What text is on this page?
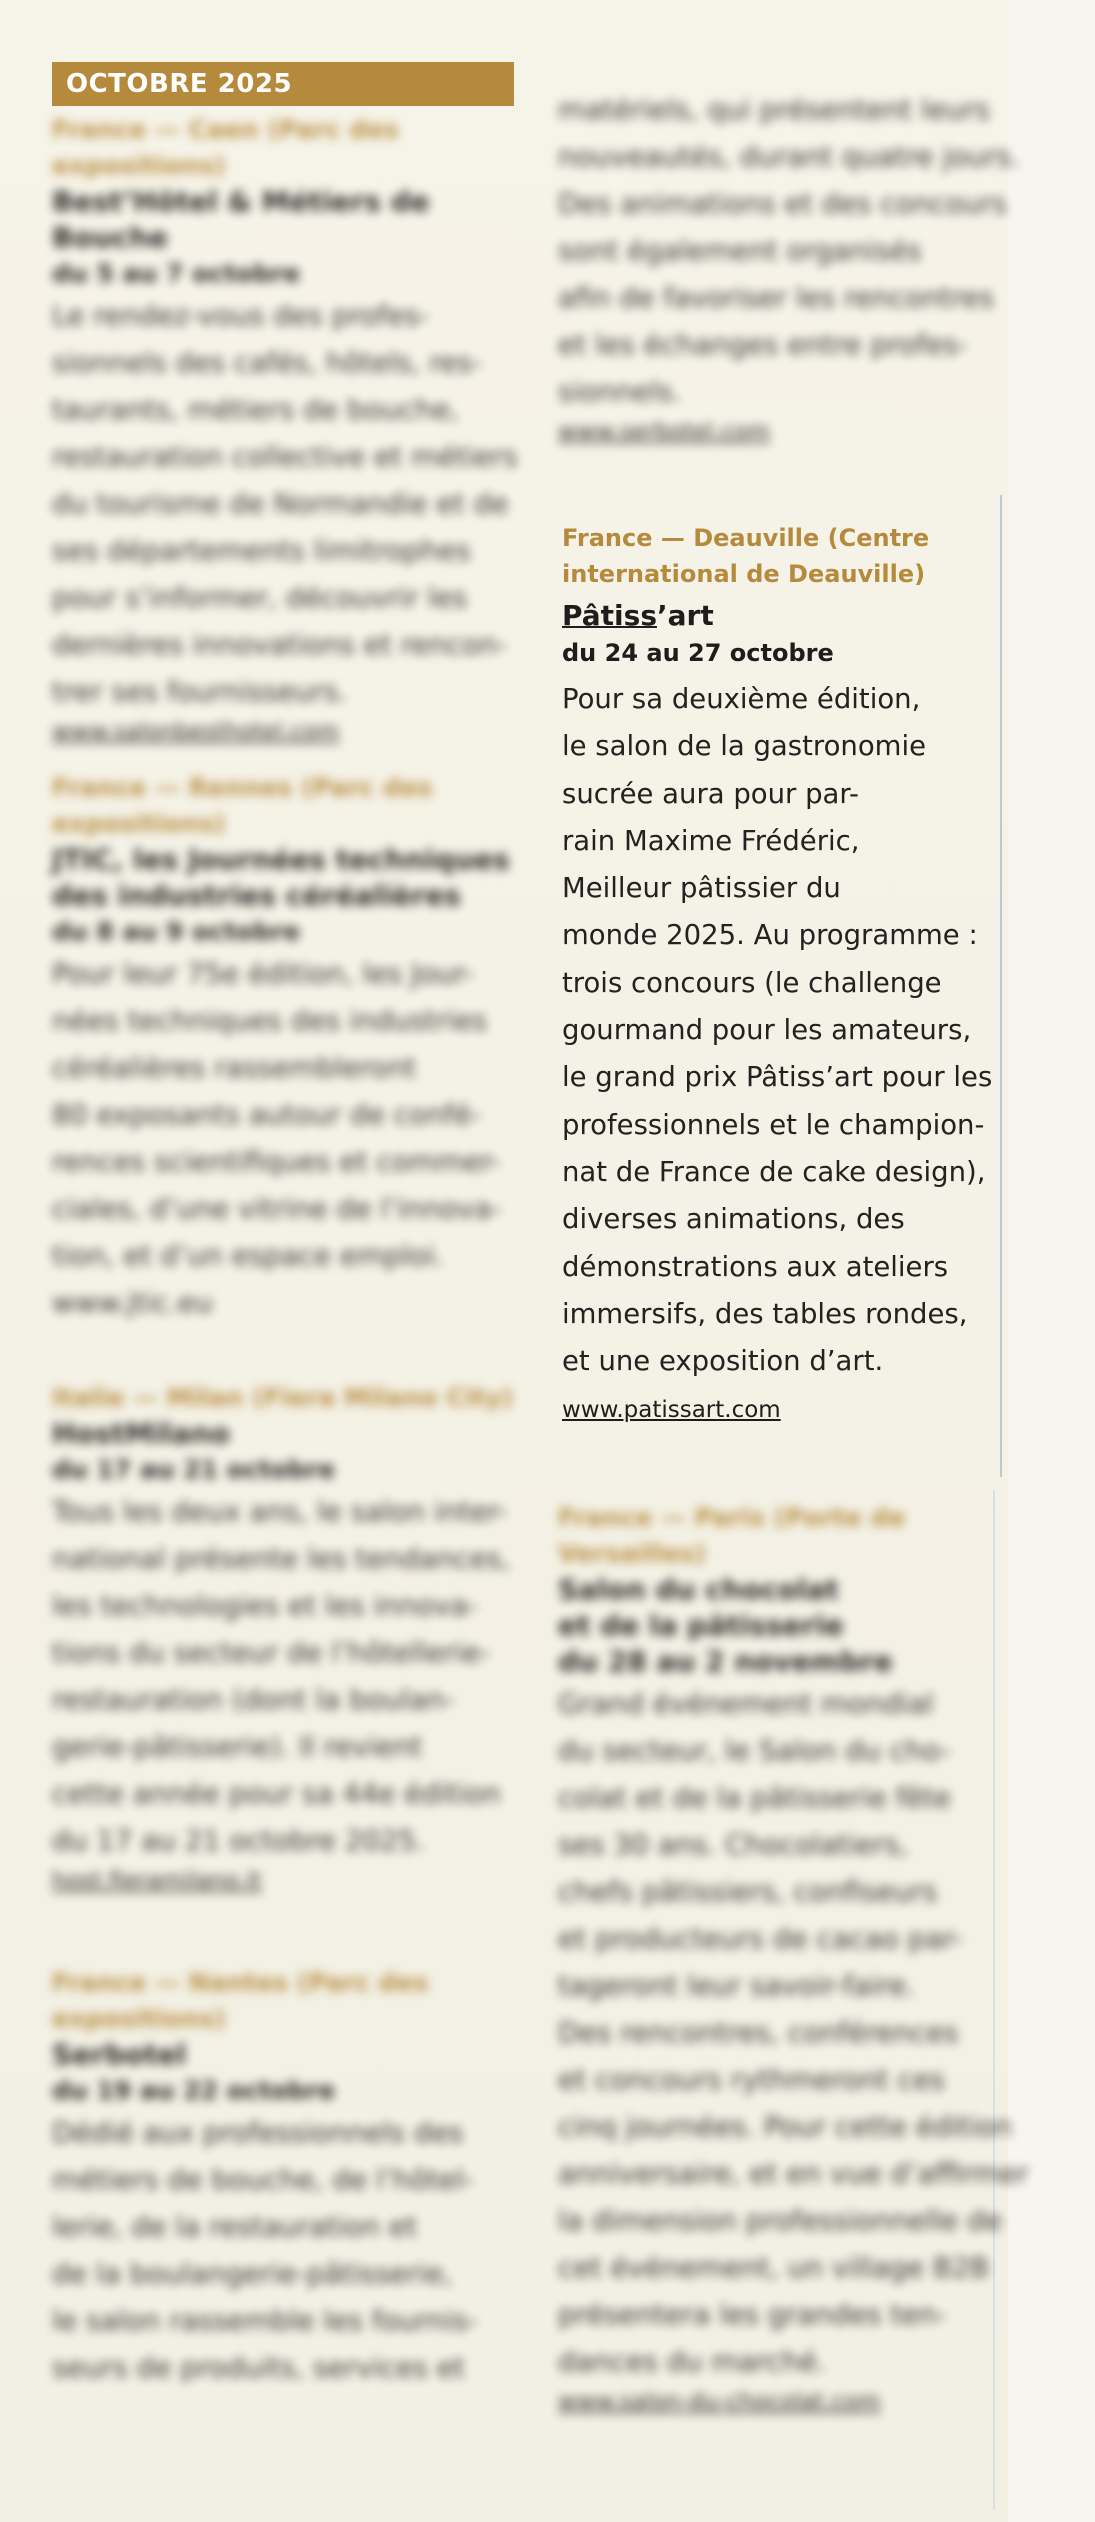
OCTOBRE 2025
France — Caen (Parc des expositions)
Best’Hôtel & Métiers de Bouche
du 5 au 7 octobre
Le rendez-vous des profes-
sionnels des cafés, hôtels, res-
taurants, métiers de bouche,
restauration collective et métiers
du tourisme de Normandie et de
ses départements limitrophes
pour s’informer, découvrir les
dernières innovations et rencon-
trer ses fournisseurs.
www.salonbesthotel.com
France — Rennes (Parc des expositions)
JTIC, les Journées techniques des industries céréalières
du 8 au 9 octobre
Pour leur 75e édition, les Jour-
nées techniques des industries
céréalières rassembleront
80 exposants autour de confé-
rences scientifiques et commer-
ciales, d’une vitrine de l’innova-
tion, et d’un espace emploi.
www.jtic.eu
Italie — Milan (Fiera Milano City)
HostMilano
du 17 au 21 octobre
Tous les deux ans, le salon inter-
national présente les tendances,
les technologies et les innova-
tions du secteur de l’hôtellerie-
restauration (dont la boulan-
gerie-pâtisserie). Il revient
cette année pour sa 44e édition
du 17 au 21 octobre 2025.
host.fieramilano.it
France — Nantes (Parc des expositions)
Serbotel
du 19 au 22 octobre
Dédié aux professionnels des
métiers de bouche, de l’hôtel-
lerie, de la restauration et
de la boulangerie-pâtisserie,
le salon rassemble les fournis-
seurs de produits, services et
matériels, qui présentent leurs
nouveautés, durant quatre jours.
Des animations et des concours
sont également organisés
afin de favoriser les rencontres
et les échanges entre profes-
sionnels.
www.serbotel.com
France — Deauville (Centre
international de Deauville)
Pâtiss’art
du 24 au 27 octobre
Pour sa deuxième édition,
le salon de la gastronomie
sucrée aura pour par-
rain Maxime Frédéric,
Meilleur pâtissier du
monde 2025. Au programme :
trois concours (le challenge
gourmand pour les amateurs,
le grand prix Pâtiss’art pour les
professionnels et le champion-
nat de France de cake design),
diverses animations, des
démonstrations aux ateliers
immersifs, des tables rondes,
et une exposition d’art.
www.patissart.com
France — Paris (Porte de Versailles)
Salon du chocolat
et de la pâtisserie
du 28 au 2 novembre
Grand événement mondial
du secteur, le Salon du cho-
colat et de la pâtisserie fête
ses 30 ans. Chocolatiers,
chefs pâtissiers, confiseurs
et producteurs de cacao par-
tageront leur savoir-faire.
Des rencontres, conférences
et concours rythmeront ces
cinq journées. Pour cette édition
anniversaire, et en vue d’affirmer
la dimension professionnelle de
cet événement, un village B2B
présentera les grandes ten-
dances du marché.
www.salon-du-chocolat.com
